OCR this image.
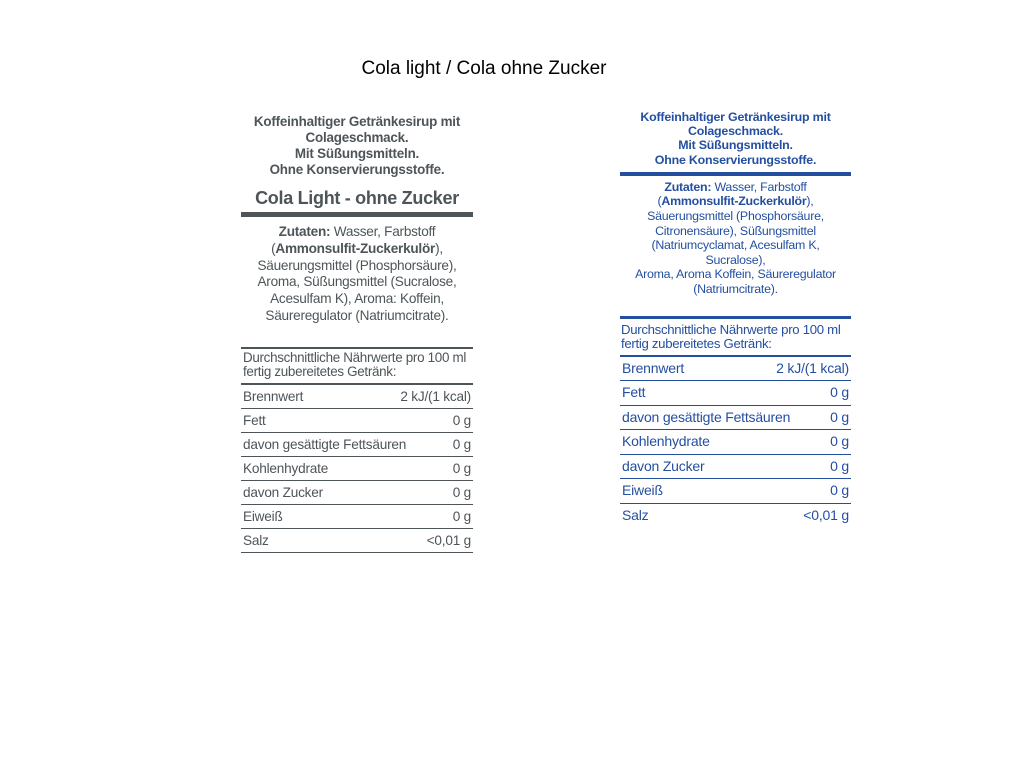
Cola light / Cola ohne Zucker
Koffeinhaltiger Getränkesirup mit
Colageschmack.
Mit Süßungsmitteln.
Ohne Konservierungsstoffe.
Cola Light - ohne Zucker
Zutaten: Wasser, Farbstoff
(Ammonsulfit-Zuckerkulör),
Säuerungsmittel (Phosphorsäure),
Aroma, Süßungsmittel (Sucralose,
Acesulfam K), Aroma: Koffein,
Säureregulator (Natriumcitrate).
Durchschnittliche Nährwerte pro 100 ml
fertig zubereitetes Getränk:
Brennwert	2 kJ/(1 kcal)
Fett	0 g
davon gesättigte Fettsäuren	0 g
Kohlenhydrate	0 g
davon Zucker	0 g
Eiweiß	0 g
Salz	<0,01 g
Koffeinhaltiger Getränkesirup mit
Colageschmack.
Mit Süßungsmitteln.
Ohne Konservierungsstoffe.
Zutaten: Wasser, Farbstoff
(Ammonsulfit-Zuckerkulör),
Säuerungsmittel (Phosphorsäure,
Citronensäure), Süßungsmittel
(Natriumcyclamat, Acesulfam K, Sucralose),
Aroma, Aroma Koffein, Säureregulator
(Natriumcitrate).
Durchschnittliche Nährwerte pro 100 ml
fertig zubereitetes Getränk:
Brennwert	2 kJ/(1 kcal)
Fett	0 g
davon gesättigte Fettsäuren	0 g
Kohlenhydrate	0 g
davon Zucker	0 g
Eiweiß	0 g
Salz	<0,01 g
